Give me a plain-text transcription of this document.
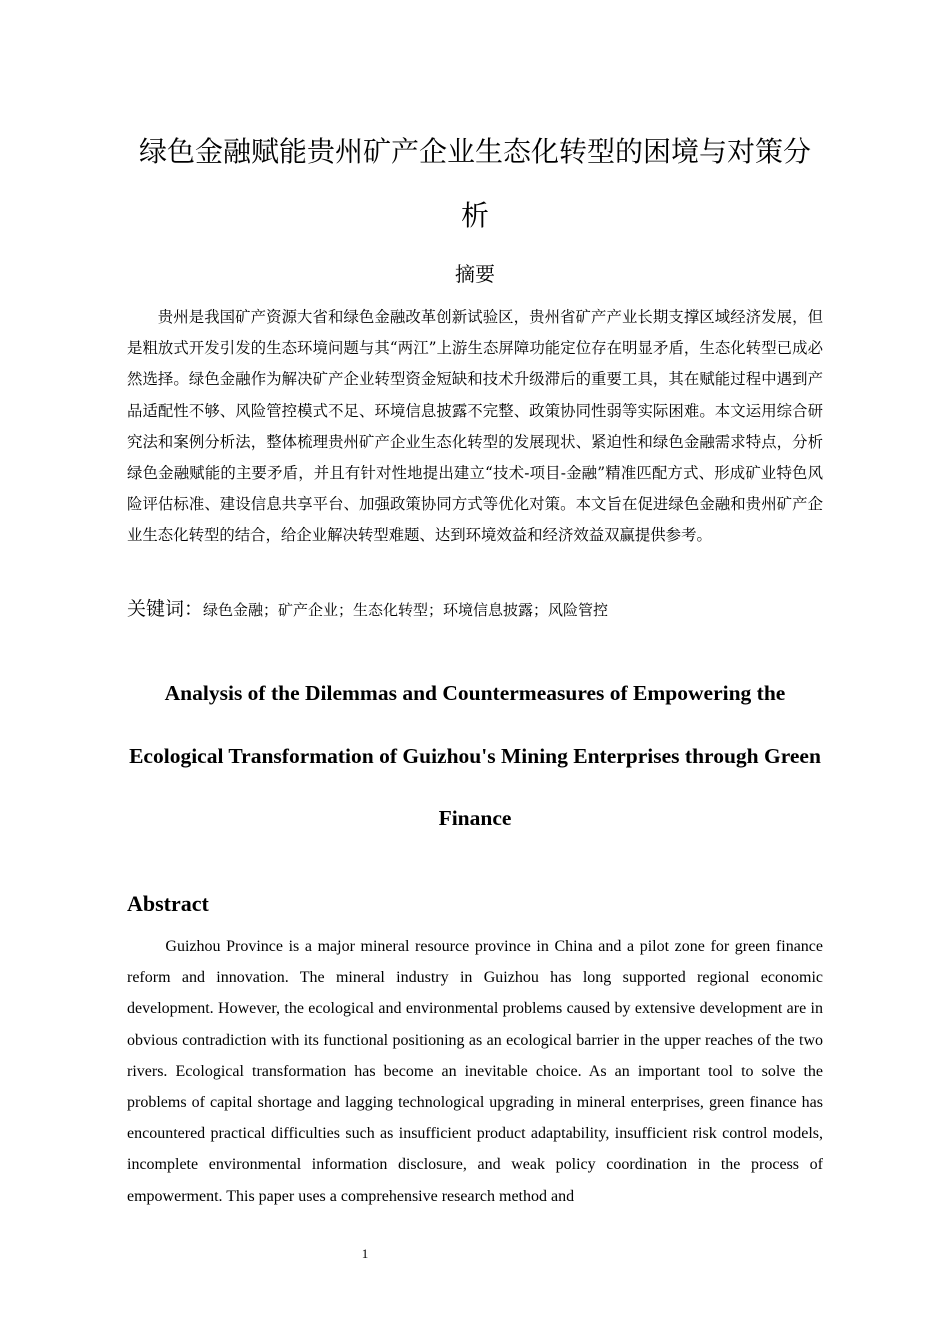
绿色金融赋能贵州矿产企业生态化转型的困境与对策分析
摘要

贵州是我国矿产资源大省和绿色金融改革创新试验区，贵州省矿产产业长期支撑区域经济发展，但是粗放式开发引发的生态环境问题与其“两江”上游生态屏障功能定位存在明显矛盾，生态化转型已成必然选择。绿色金融作为解决矿产企业转型资金短缺和技术升级滞后的重要工具，其在赋能过程中遇到产品适配性不够、风险管控模式不足、环境信息披露不完整、政策协同性弱等实际困难。本文运用综合研究法和案例分析法，整体梳理贵州矿产企业生态化转型的发展现状、紧迫性和绿色金融需求特点，分析绿色金融赋能的主要矛盾，并且有针对性地提出建立“技术-项目-金融”精准匹配方式、形成矿业特色风险评估标准、建设信息共享平台、加强政策协同方式等优化对策。本文旨在促进绿色金融和贵州矿产企业生态化转型的结合，给企业解决转型难题、达到环境效益和经济效益双赢提供参考。

关键词：绿色金融；矿产企业；生态化转型；环境信息披露；风险管控
Analysis of the Dilemmas and Countermeasures of Empowering the Ecological Transformation of Guizhou's Mining Enterprises through Green Finance
Abstract

Guizhou Province is a major mineral resource province in China and a pilot zone for green finance reform and innovation. The mineral industry in Guizhou has long supported regional economic development. However, the ecological and environmental problems caused by extensive development are in obvious contradiction with its functional positioning as an ecological barrier in the upper reaches of the two rivers. Ecological transformation has become an inevitable choice. As an important tool to solve the problems of capital shortage and lagging technological upgrading in mineral enterprises, green finance has encountered practical difficulties such as insufficient product adaptability, insufficient risk control models, incomplete environmental information disclosure, and weak policy coordination in the process of empowerment. This paper uses a comprehensive research method and

1
